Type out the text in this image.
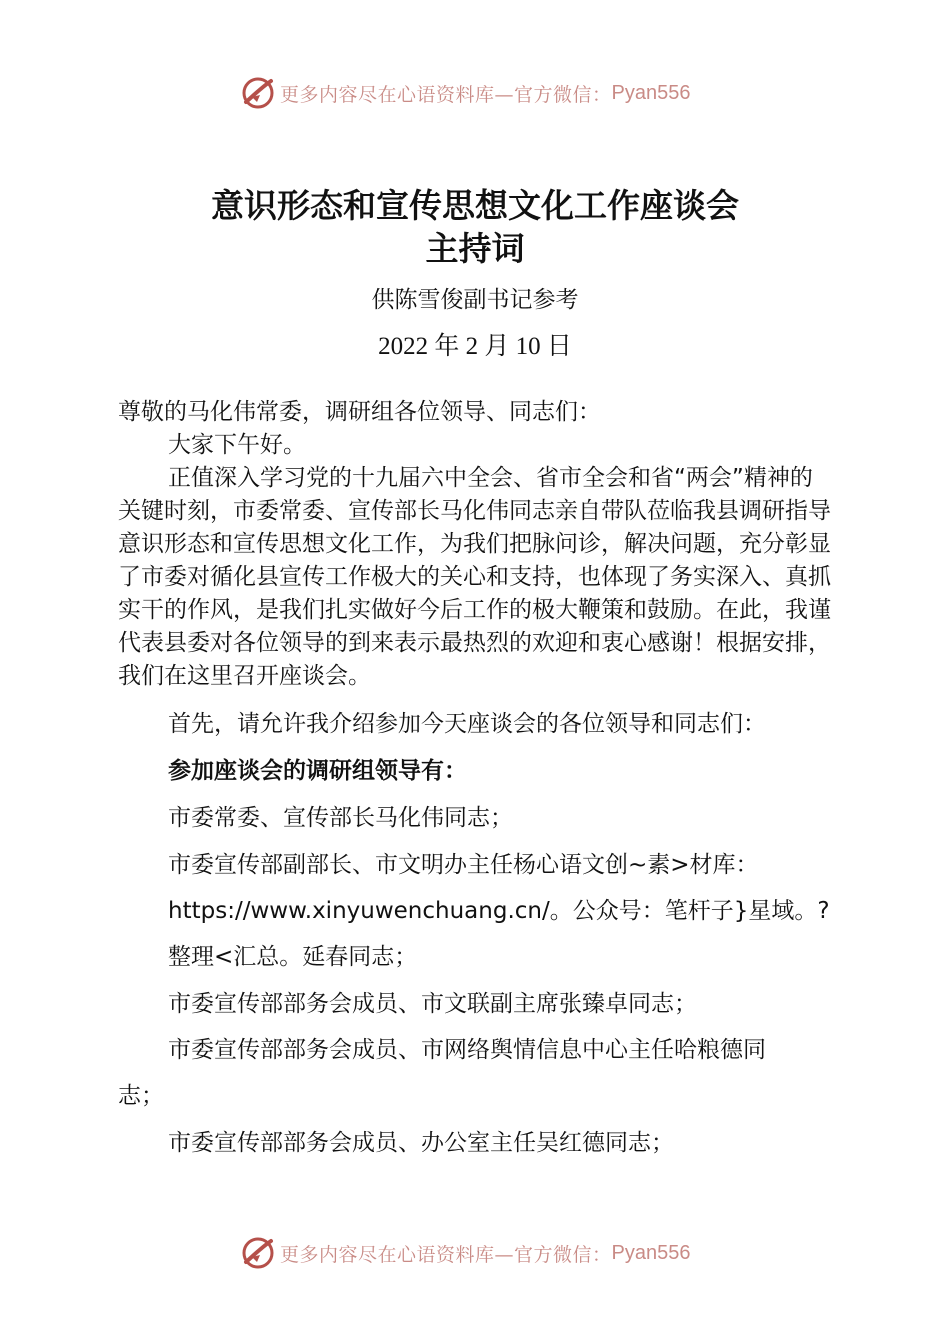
更多内容尽在心语资料库—官方微信： Pyan556
意识形态和宣传思想文化工作座谈会
主持词
供陈雪俊副书记参考
2022 年 2 月 10 日

尊敬的马化伟常委，调研组各位领导、同志们：

大家下午好。

正值深入学习党的十九届六中全会、省市全会和省“两会”精神的关键时刻，市委常委、宣传部长马化伟同志亲自带队莅临我县调研指导意识形态和宣传思想文化工作，为我们把脉问诊，解决问题，充分彰显了市委对循化县宣传工作极大的关心和支持，也体现了务实深入、真抓实干的作风，是我们扎实做好今后工作的极大鞭策和鼓励。在此，我谨代表县委对各位领导的到来表示最热烈的欢迎和衷心感谢！根据安排，我们在这里召开座谈会。

首先，请允许我介绍参加今天座谈会的各位领导和同志们：
参加座谈会的调研组领导有：
市委常委、宣传部长马化伟同志；
市委宣传部副部长、市文明办主任杨心语文创~素>材库：
https://www.xinyuwenchuang.cn/。公众号：笔杆子}星域。?
整理<汇总。延春同志；
市委宣传部部务会成员、市文联副主席张臻卓同志；
市委宣传部部务会成员、市网络舆情信息中心主任哈粮德同
志；
市委宣传部部务会成员、办公室主任吴红德同志；
更多内容尽在心语资料库—官方微信： Pyan556
